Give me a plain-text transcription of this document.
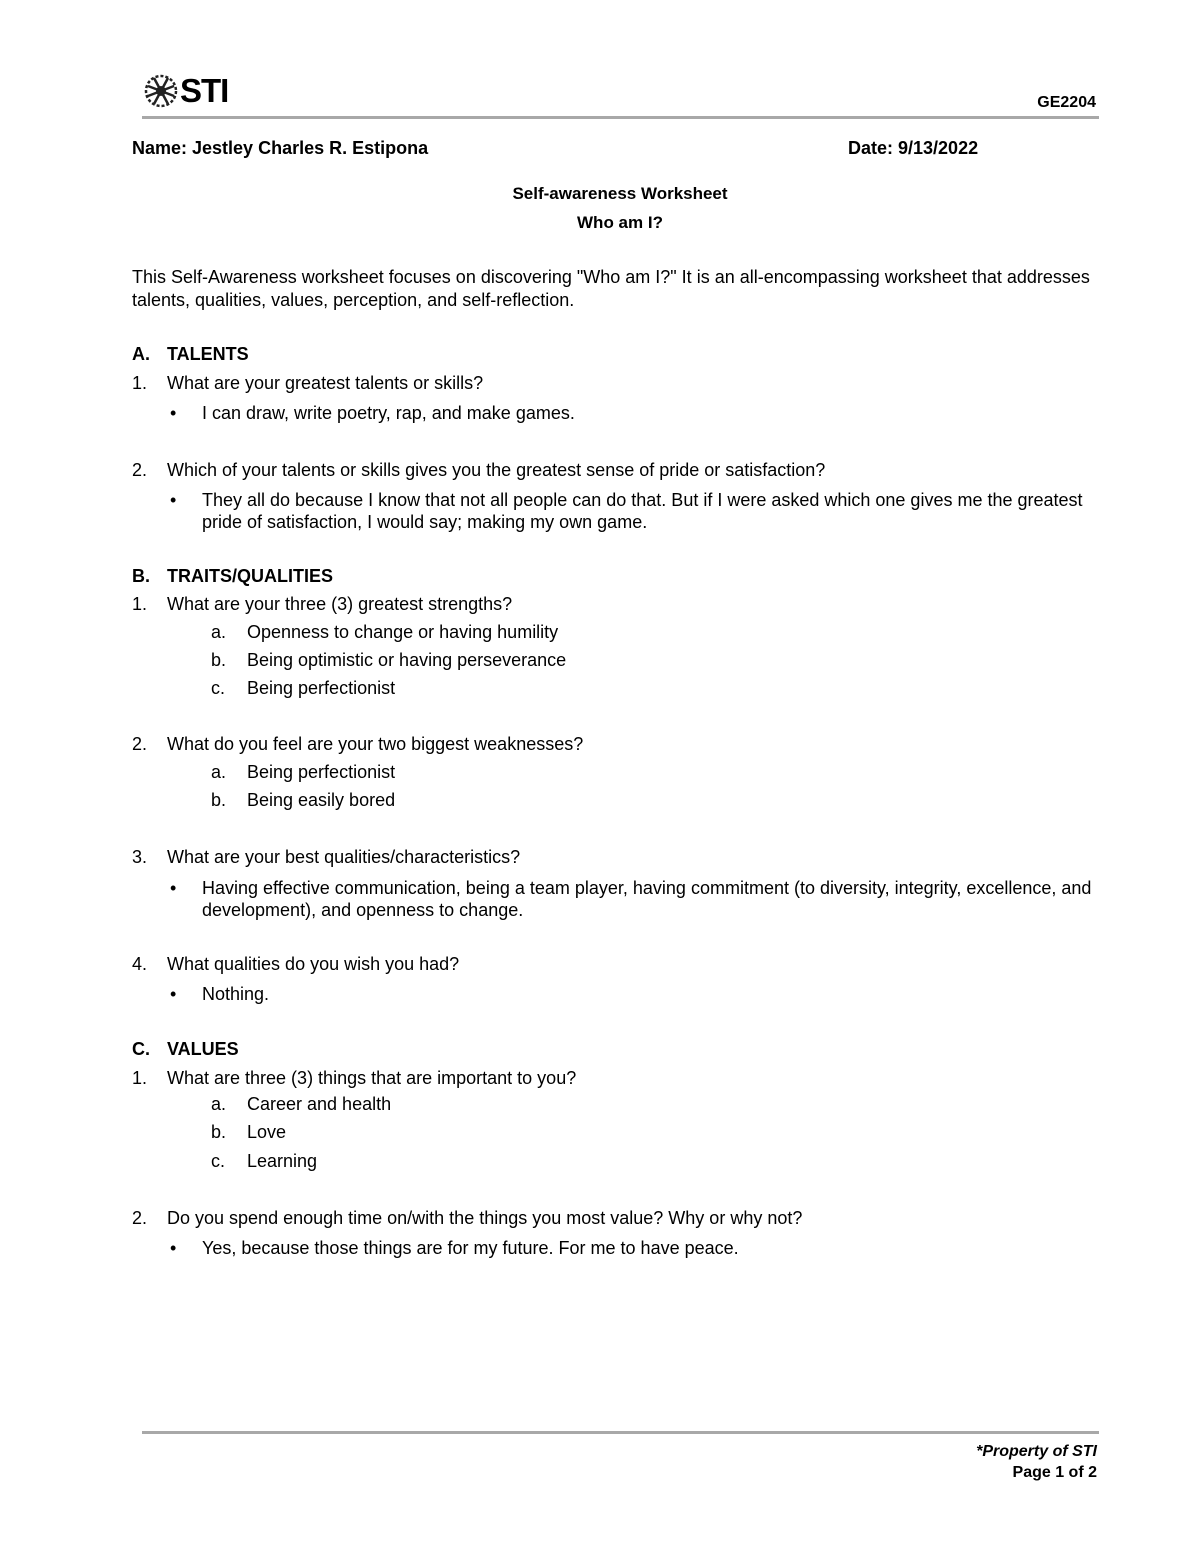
STI	GE2204
Name: Jestley Charles R. Estipona	Date: 9/13/2022
Self-awareness Worksheet
Who am I?
This Self-Awareness worksheet focuses on discovering "Who am I?" It is an all-encompassing worksheet that addresses talents, qualities, values, perception, and self-reflection.
A. TALENTS
1. What are your greatest talents or skills?
• I can draw, write poetry, rap, and make games.
2. Which of your talents or skills gives you the greatest sense of pride or satisfaction?
• They all do because I know that not all people can do that. But if I were asked which one gives me the greatest pride of satisfaction, I would say; making my own game.
B. TRAITS/QUALITIES
1. What are your three (3) greatest strengths?
a. Openness to change or having humility
b. Being optimistic or having perseverance
c. Being perfectionist
2. What do you feel are your two biggest weaknesses?
a. Being perfectionist
b. Being easily bored
3. What are your best qualities/characteristics?
• Having effective communication, being a team player, having commitment (to diversity, integrity, excellence, and development), and openness to change.
4. What qualities do you wish you had?
• Nothing.
C. VALUES
1. What are three (3) things that are important to you?
a. Career and health
b. Love
c. Learning
2. Do you spend enough time on/with the things you most value? Why or why not?
• Yes, because those things are for my future. For me to have peace.
*Property of STI
Page 1 of 2
